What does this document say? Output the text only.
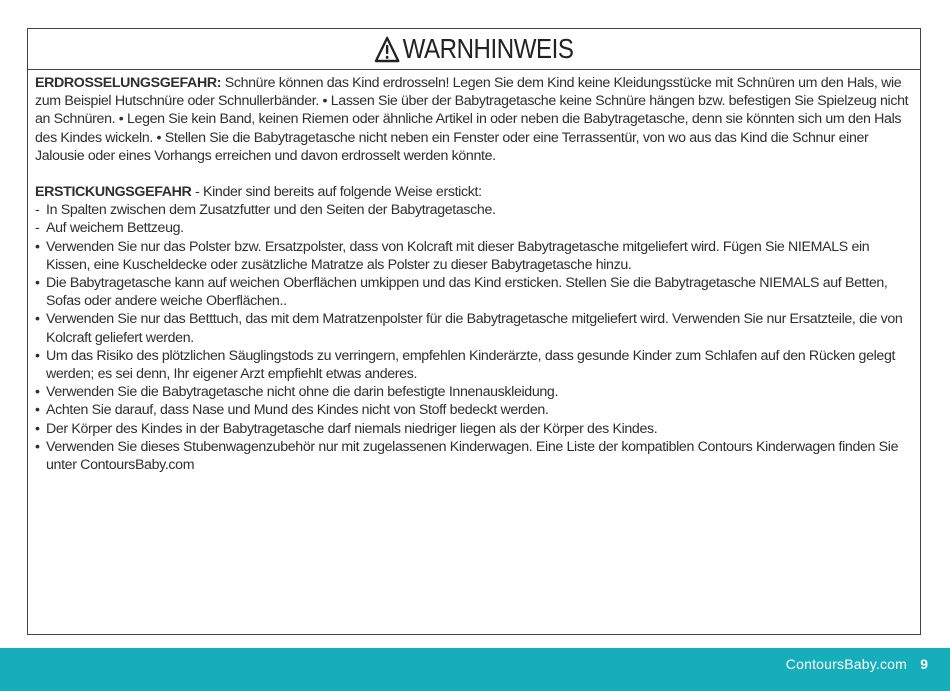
WARNHINWEIS

ERDROSSELUNGSGEFAHR: Schnüre können das Kind erdrosseln! Legen Sie dem Kind keine Kleidungsstücke mit Schnüren um den Hals, wie zum Beispiel Hutschnüre oder Schnullerbänder. • Lassen Sie über der Babytragetasche keine Schnüre hängen bzw. befestigen Sie Spielzeug nicht an Schnüren. • Legen Sie kein Band, keinen Riemen oder ähnliche Artikel in oder neben die Babytragetasche, denn sie könnten sich um den Hals des Kindes wickeln. • Stellen Sie die Babytragetasche nicht neben ein Fenster oder eine Terrassentür, von wo aus das Kind die Schnur einer Jalousie oder eines Vorhangs erreichen und davon erdrosselt werden könnte.

ERSTICKUNGSGEFAHR - Kinder sind bereits auf folgende Weise erstickt:

- In Spalten zwischen dem Zusatzfutter und den Seiten der Babytragetasche.

- Auf weichem Bettzeug.

• Verwenden Sie nur das Polster bzw. Ersatzpolster, dass von Kolcraft mit dieser Babytragetasche mitgeliefert wird. Fügen Sie NIEMALS ein Kissen, eine Kuscheldecke oder zusätzliche Matratze als Polster zu dieser Babytragetasche hinzu.

• Die Babytragetasche kann auf weichen Oberflächen umkippen und das Kind ersticken. Stellen Sie die Babytragetasche NIEMALS auf Betten, Sofas oder andere weiche Oberflächen..

• Verwenden Sie nur das Betttuch, das mit dem Matratzenpolster für die Babytragetasche mitgeliefert wird. Verwenden Sie nur Ersatzteile, die von Kolcraft geliefert werden.

• Um das Risiko des plötzlichen Säuglingstods zu verringern, empfehlen Kinderärzte, dass gesunde Kinder zum Schlafen auf den Rücken gelegt werden; es sei denn, Ihr eigener Arzt empfiehlt etwas anderes.

• Verwenden Sie die Babytragetasche nicht ohne die darin befestigte Innenauskleidung.

• Achten Sie darauf, dass Nase und Mund des Kindes nicht von Stoff bedeckt werden.

• Der Körper des Kindes in der Babytragetasche darf niemals niedriger liegen als der Körper des Kindes.

• Verwenden Sie dieses Stubenwagenzubehör nur mit zugelassenen Kinderwagen. Eine Liste der kompatiblen Contours Kinderwagen finden Sie unter ContoursBaby.com

ContoursBaby.com 9
